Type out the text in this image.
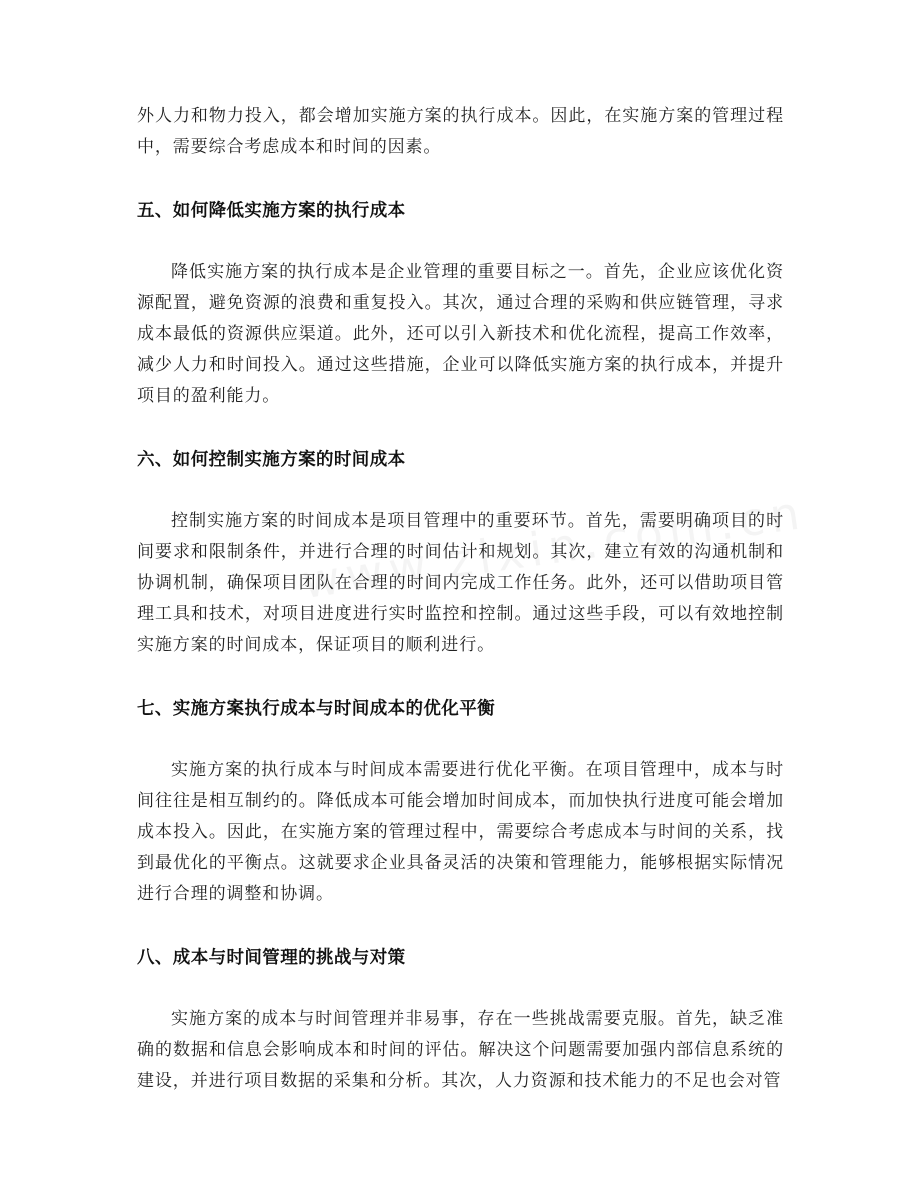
外人力和物力投入，都会增加实施方案的执行成本。因此，在实施方案的管理过程中，需要综合考虑成本和时间的因素。

五、如何降低实施方案的执行成本

降低实施方案的执行成本是企业管理的重要目标之一。首先，企业应该优化资源配置，避免资源的浪费和重复投入。其次，通过合理的采购和供应链管理，寻求成本最低的资源供应渠道。此外，还可以引入新技术和优化流程，提高工作效率，减少人力和时间投入。通过这些措施，企业可以降低实施方案的执行成本，并提升项目的盈利能力。

六、如何控制实施方案的时间成本

控制实施方案的时间成本是项目管理中的重要环节。首先，需要明确项目的时间要求和限制条件，并进行合理的时间估计和规划。其次，建立有效的沟通机制和协调机制，确保项目团队在合理的时间内完成工作任务。此外，还可以借助项目管理工具和技术，对项目进度进行实时监控和控制。通过这些手段，可以有效地控制实施方案的时间成本，保证项目的顺利进行。

七、实施方案执行成本与时间成本的优化平衡

实施方案的执行成本与时间成本需要进行优化平衡。在项目管理中，成本与时间往往是相互制约的。降低成本可能会增加时间成本，而加快执行进度可能会增加成本投入。因此，在实施方案的管理过程中，需要综合考虑成本与时间的关系，找到最优化的平衡点。这就要求企业具备灵活的决策和管理能力，能够根据实际情况进行合理的调整和协调。

八、成本与时间管理的挑战与对策

实施方案的成本与时间管理并非易事，存在一些挑战需要克服。首先，缺乏准确的数据和信息会影响成本和时间的评估。解决这个问题需要加强内部信息系统的建设，并进行项目数据的采集和分析。其次，人力资源和技术能力的不足也会对管
